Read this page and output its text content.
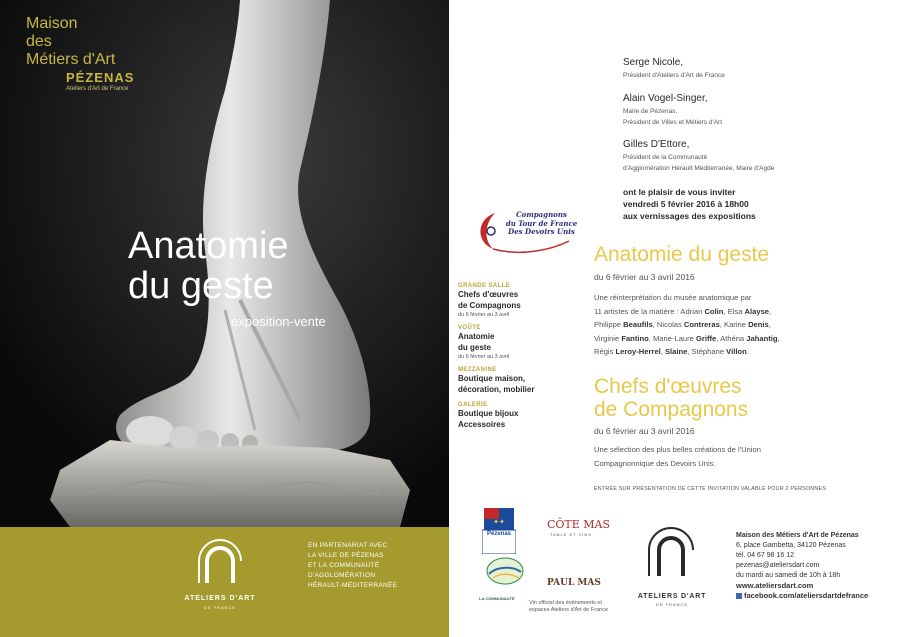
Maison
des
Métiers d'Art
PÉZENAS
Ateliers d'Art de France
Anatomie
du geste
exposition-vente
ATELIERS D'ART
DE FRANCE
EN PARTENARIAT AVEC
LA VILLE DE PÉZENAS
ET LA COMMUNAUTÉ
D'AGGLOMÉRATION
HÉRAULT-MÉDITERRANÉE
Serge Nicole,
Président d'Ateliers d'Art de France
Alain Vogel-Singer,
Maire de Pézenas,
Président de Villes et Métiers d'Art
Gilles D'Ettore,
Président de la Communauté
d'Agglomération Hérault Méditerranée, Maire d'Agde
ont le plaisir de vous inviter
vendredi 5 février 2016 à 18h00
aux vernissages des expositions
Compagnons
du Tour de France
Des Devoirs Unis
GRANDE SALLE
Chefs d'œuvres
de Compagnons
du 6 février au 3 avril
VOÛTE
Anatomie
du geste
du 6 février au 3 avril
MEZZANINE
Boutique maison,
décoration, mobilier
GALERIE
Boutique bijoux
Accessoires
Anatomie du geste
du 6 février au 3 avril 2016
Une réinterprétation du musée anatomique par
11 artistes de la matière : Adrian Colin, Elsa Alayse,
Philippe Beaufils, Nicolas Contreras, Karine Denis,
Virginie Fantino, Marie-Laure Griffe, Athéna Jahantig,
Régis Leroy-Herrel, Slaine, Stéphane Villon.
Chefs d'œuvres
de Compagnons
du 6 février au 3 avril 2016
Une sélection des plus belles créations de l'Union
Compagnonnique des Devoirs Unis.
ENTRÉE SUR PRÉSENTATION DE CETTE INVITATION VALABLE POUR 2 PERSONNES
✦✦
Pézenas
CÔTE MAS
TABLE ET VINS
LA COMMUNAUTÉ
PAUL MAS
Vin officiel des événements et espaces Ateliers d'Art de France
ATELIERS D'ART
DE FRANCE
Maison des Métiers d'Art de Pézenas
6, place Gambetta, 34120 Pézenas
tél. 04 67 98 16 12
pezenas@ateliersdart.com
du mardi au samedi de 10h à 18h
www.ateliersdart.com
facebook.com/ateliersdartdefrance
